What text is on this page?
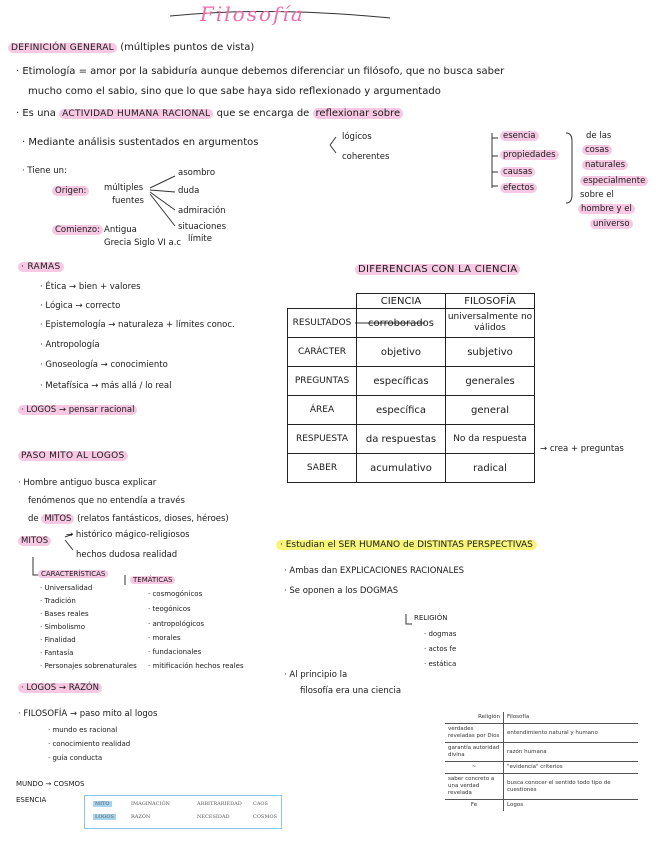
Filosofía
DEFINICIÓN GENERAL (múltiples puntos de vista)
· Etimología = amor por la sabiduría aunque debemos diferenciar un filósofo, que no busca saber
mucho como el sabio, sino que lo que sabe haya sido reflexionado y argumentado
· Es una ACTIVIDAD HUMANA RACIONAL que se encarga de reflexionar sobre
· Mediante análisis sustentados en argumentos	lógicos
coherentes
esencia
propiedades
causas
efectos
de las
cosas
naturales
especialmente
sobre el
hombre y el
universo
· Tiene un:
Origen:	múltiples
fuentes
asombro
duda
admiración
situaciones
límite
Comienzo: Antigua
Grecia Siglo VI a.c
· RAMAS
· Ética → bien + valores
· Lógica → correcto
· Epistemología → naturaleza + límites conoc.
· Antropología
· Gnoseología → conocimiento
· Metafísica → más allá / lo real
· LOGOS → pensar racional
DIFERENCIAS CON LA CIENCIA
	CIENCIA	FILOSOFÍA
RESULTADOS	corroborados	universalmente no válidos
CARÁCTER	objetivo	subjetivo
PREGUNTAS	específicas	generales
ÁREA	específica	general
RESPUESTA	da respuestas	No da respuesta
SABER	acumulativo	radical
→ crea + preguntas
PASO MITO AL LOGOS
· Hombre antiguo busca explicar
fenómenos que no entendía a través
de MITOS (relatos fantásticos, dioses, héroes)
MITOS
→ histórico mágico-religiosos
hechos dudosa realidad
CARACTERÍSTICAS
· Universalidad
· Tradición
· Bases reales
· Simbolismo
· Finalidad
· Fantasía
· Personajes sobrenaturales
TEMÁTICAS
· cosmogónicos
· teogónicos
· antropológicos
· morales
· fundacionales
· mitificación hechos reales
· LOGOS → RAZÓN
· FILOSOFÍA → paso mito al logos
· mundo es racional
· conocimiento realidad
· guía conducta
MUNDO → COSMOS
ESENCIA	MITO	IMAGINACIÓN	ARBITRARIEDAD CAOS
LOGOS	RAZÓN	NECESIDAD	COSMOS
· Estudian el SER HUMANO de DISTINTAS PERSPECTIVAS
· Ambas dan EXPLICACIONES RACIONALES
· Se oponen a los DOGMAS
RELIGIÓN
· dogmas
· actos fe
· estática
· Al principio la
filosofía era una ciencia
Religión	Filosofía
verdades reveladas por Dios	entendimiento natural y humano
garantía autoridad divina	razón humana
~	"evidencia" criterios
saber concreto a una verdad revelada	busca conocer el sentido todo tipo de cuestiones
Fe	Logos
